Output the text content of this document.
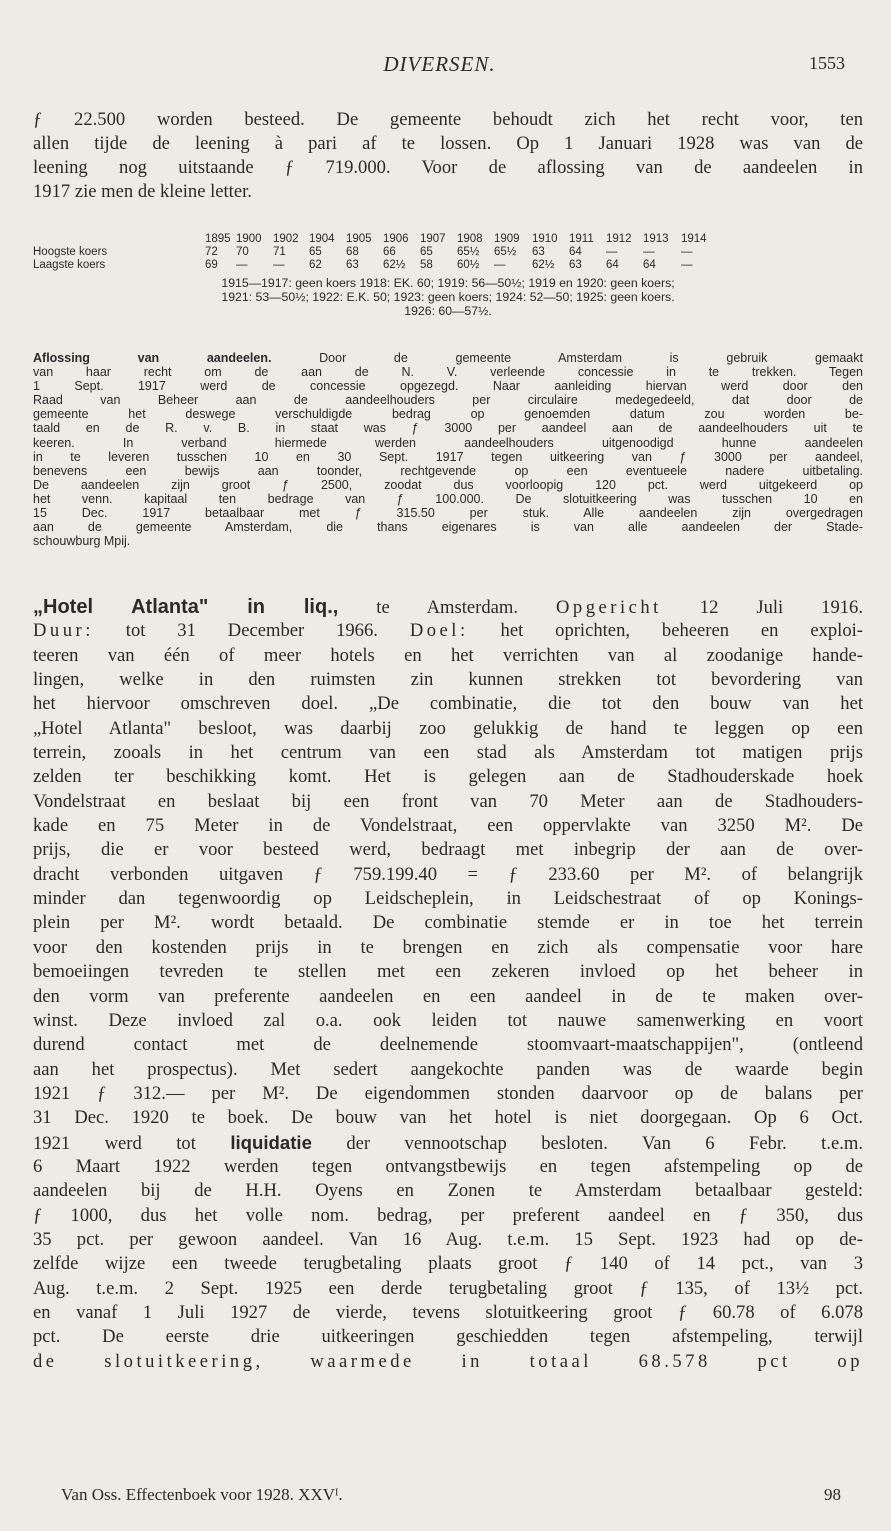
DIVERSEN.	1553
ƒ 22.500 worden besteed. De gemeente behoudt zich het recht voor, ten
allen tijde de leening à pari af te lossen. Op 1 Januari 1928 was van de
leening nog uitstaande ƒ 719.000. Voor de aflossing van de aandeelen in
1917 zie men de kleine letter.
1895 1900 1902 1904 1905 1906 1907 1908 1909 1910 1911 1912 1913 1914
Hoogste koers	72 70 71 65 68 66 65 65½ 65½ 63 64 — — —
Laagste koers	69 — — 62 63 62½ 58 60½ — 62½ 63 64 64 —
1915—1917: geen koers 1918: EK. 60; 1919: 56—50½; 1919 en 1920: geen koers;
1921: 53—50½; 1922: E.K. 50; 1923: geen koers; 1924: 52—50; 1925: geen koers.
1926: 60—57½.
Aflossing van aandeelen.	Door de gemeente Amsterdam is gebruik gemaakt
van haar recht om de aan de N. V. verleende concessie in te trekken. Tegen
1 Sept. 1917 werd de concessie opgezegd. Naar aanleiding hiervan werd door den
Raad van Beheer aan de aandeelhouders per circulaire medegedeeld, dat door de
gemeente het deswege verschuldigde bedrag op genoemden datum zou worden be-
taald en de R. v. B. in staat was ƒ 3000 per aandeel aan de aandeelhouders uit te
keeren. In verband hiermede werden aandeelhouders uitgenoodigd hunne aandeelen
in te leveren tusschen 10 en 30 Sept. 1917 tegen uitkeering van ƒ 3000 per aandeel,
benevens een bewijs aan toonder, rechtgevende op een eventueele nadere uitbetaling.
De aandeelen zijn groot ƒ 2500, zoodat dus voorloopig 120 pct. werd uitgekeerd op
het venn. kapitaal ten bedrage van ƒ 100.000. De slotuitkeering was tusschen 10 en
15 Dec. 1917 betaalbaar met ƒ 315.50 per stuk. Alle aandeelen zijn overgedragen
aan de gemeente Amsterdam, die thans eigenares is van alle aandeelen der Stade-
schouwburg Mpij.
„Hotel Atlanta" in liq., te Amsterdam. Opgericht 12 Juli 1916.
Duur: tot 31 December 1966. Doel: het oprichten, beheeren en exploi-
teeren van één of meer hotels en het verrichten van al zoodanige hande-
lingen, welke in den ruimsten zin kunnen strekken tot bevordering van
het hiervoor omschreven doel. „De combinatie, die tot den bouw van het
„Hotel Atlanta" besloot, was daarbij zoo gelukkig de hand te leggen op een
terrein, zooals in het centrum van een stad als Amsterdam tot matigen prijs
zelden ter beschikking komt. Het is gelegen aan de Stadhouderskade hoek
Vondelstraat en beslaat bij een front van 70 Meter aan de Stadhouders-
kade en 75 Meter in de Vondelstraat, een oppervlakte van 3250 M². De
prijs, die er voor besteed werd, bedraagt met inbegrip der aan de over-
dracht verbonden uitgaven ƒ 759.199.40 = ƒ 233.60 per M². of belangrijk
minder dan tegenwoordig op Leidscheplein, in Leidschestraat of op Konings-
plein per M². wordt betaald. De combinatie stemde er in toe het terrein
voor den kostenden prijs in te brengen en zich als compensatie voor hare
bemoeiingen tevreden te stellen met een zekeren invloed op het beheer in
den vorm van preferente aandeelen en een aandeel in de te maken over-
winst. Deze invloed zal o.a. ook leiden tot nauwe samenwerking en voort
durend contact met de deelnemende stoomvaart-maatschappijen", (ontleend
aan het prospectus). Met sedert aangekochte panden was de waarde begin
1921 ƒ 312.— per M². De eigendommen stonden daarvoor op de balans per
31 Dec. 1920 te boek. De bouw van het hotel is niet doorgegaan. Op 6 Oct.
1921 werd tot liquidatie der vennootschap besloten. Van 6 Febr. t.e.m.
6 Maart 1922 werden tegen ontvangstbewijs en tegen afstempeling op de
aandeelen bij de H.H. Oyens en Zonen te Amsterdam betaalbaar gesteld:
ƒ 1000, dus het volle nom. bedrag, per preferent aandeel en ƒ 350, dus
35 pct. per gewoon aandeel. Van 16 Aug. t.e.m. 15 Sept. 1923 had op de-
zelfde wijze een tweede terugbetaling plaats groot ƒ 140 of 14 pct., van 3
Aug. t.e.m. 2 Sept. 1925 een derde terugbetaling groot ƒ 135, of 13½ pct.
en vanaf 1 Juli 1927 de vierde, tevens slotuitkeering groot ƒ 60.78 of 6.078
pct. De eerste drie uitkeeringen geschiedden tegen afstempeling, terwijl
de slotuitkeering, waarmede in totaal 68.578 pct op
Van Oss. Effectenboek voor 1928. XXVᴵ.	98
